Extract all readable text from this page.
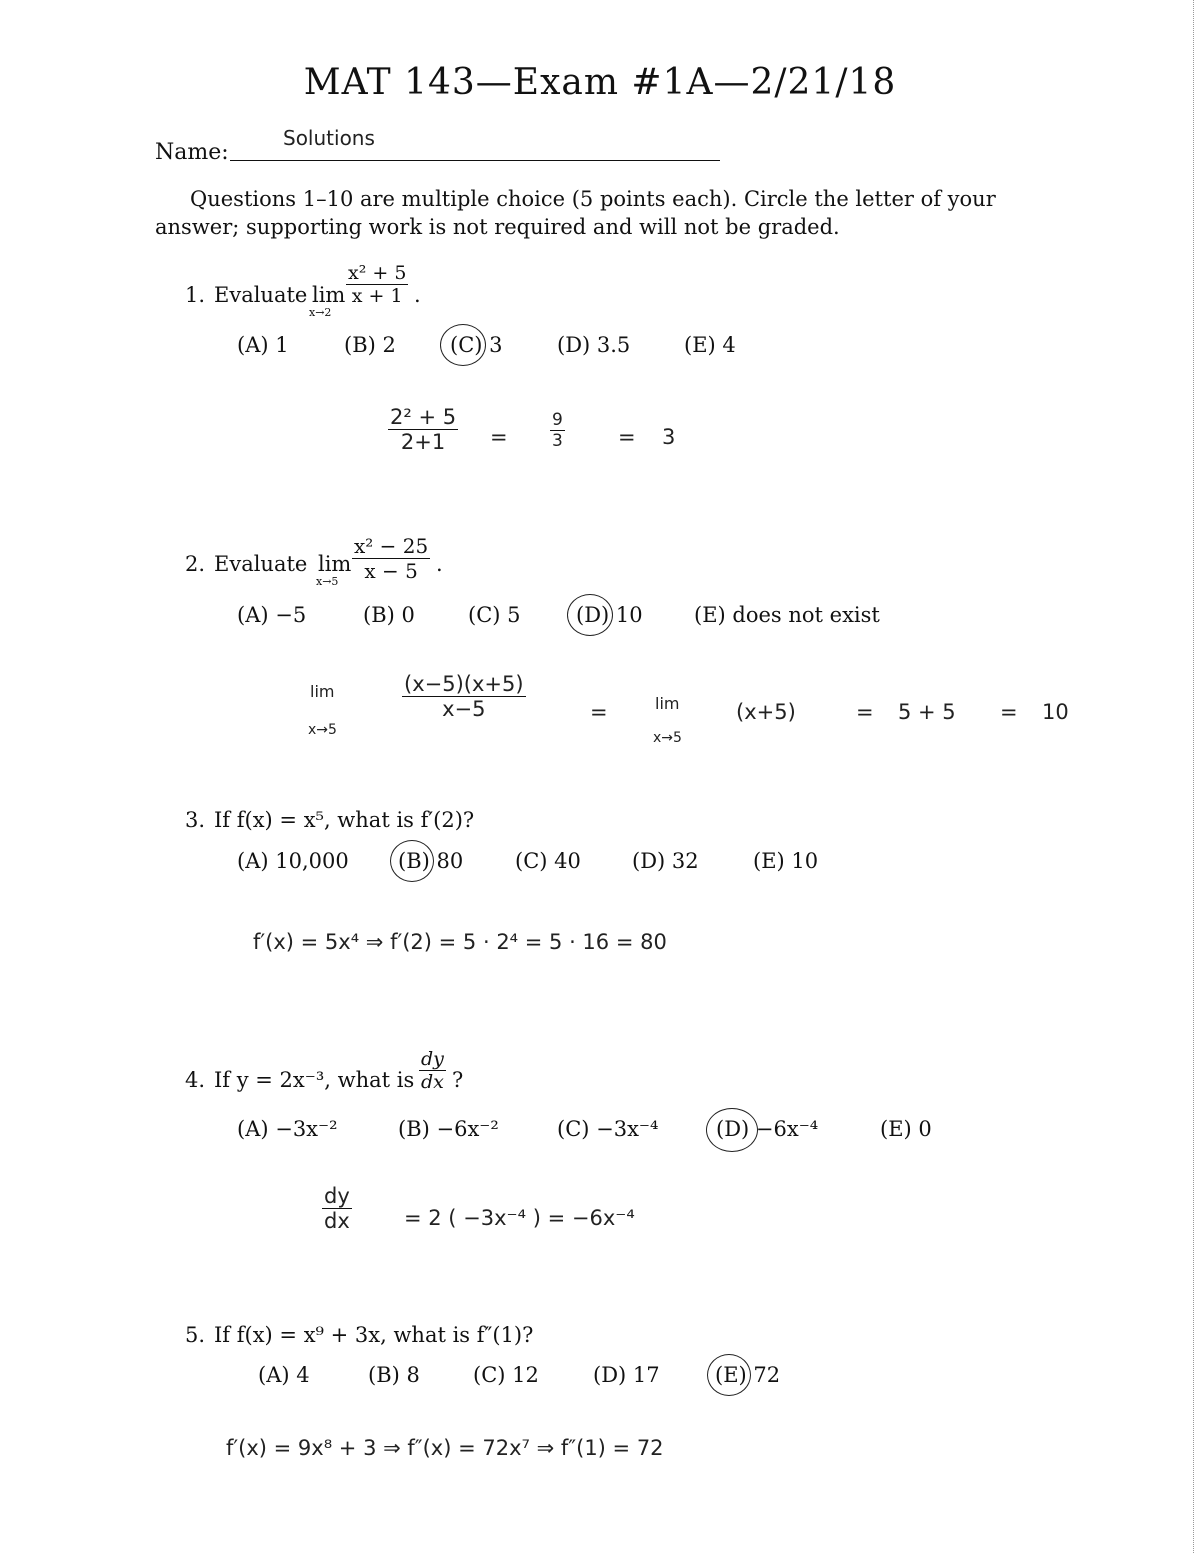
MAT 143—Exam #1A—2/21/18
Name:
Solutions
Questions 1–10 are multiple choice (5 points each). Circle the letter of your answer; supporting work is not required and will not be graded.
1. Evaluate lim
x→2
$\frac{\text{x² + 5}}{x + 1}$ .
(A) 1	(B) 2	(C) 3	(D) 3.5	(E) 4
$\frac{\text{2² + 5}}{2+1} = \frac{9}{3}$	= 3
2. Evaluate lim
$x\to 5 \frac{\text{x² − 25}}{x - 5}$ .
(A) −5	(B) 0	(C) 5	(D) 10 (E) does not exist
lim
x→5
$\frac{(x-5)(x+5)}{x-5}$	=	lim
x→5
(x+5)	= 5 + 5 = 10
3. If f(x) = x⁵, what is f′(2)?
(A) 10,000 (B) 80 (C) 40 (D) 32	(E) 10
f′(x) = 5x⁴ ⇒ f′(2) = 5 · 2⁴ = 5 · 16 = 80
4. If y = 2x⁻³, what is $\frac{dy}{dx}$ ?
(A) −3x⁻²	(B) −6x⁻²	(C) −3x⁻⁴	(D) −6x⁻⁴	(E) 0
$\frac{dy}{dx} = 2$ ( −3x⁻⁴ ) = −6x⁻⁴
5. If f(x) = x⁹ + 3x, what is f″(1)?
(A) 4	(B) 8	(C) 12	(D) 17	(E) 72
f′(x) = 9x⁸ + 3 ⇒ f″(x) = 72x⁷ ⇒ f″(1) = 72
